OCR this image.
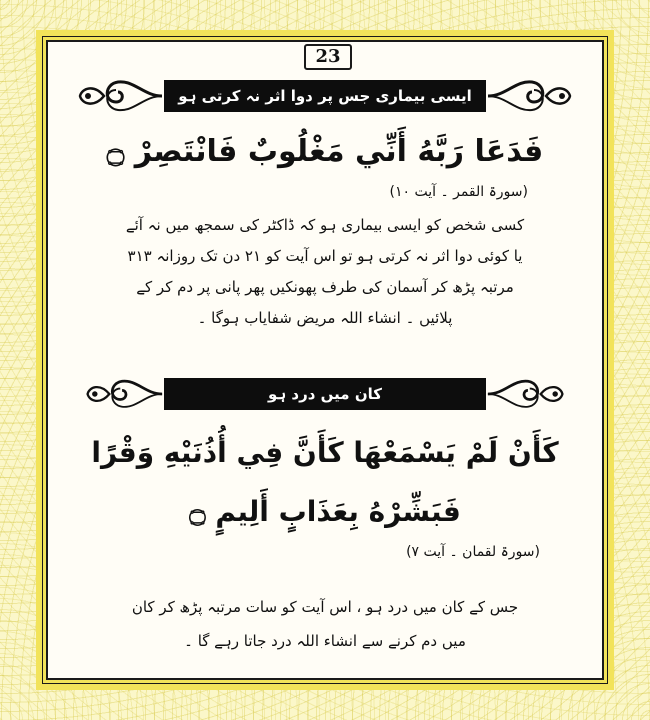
23
ایسی بیماری جس پر دوا اثر نہ کرتی ہو
فَدَعَا رَبَّهُ أَنِّي مَغْلُوبٌ فَانْتَصِرْ ۝
(سورۃ القمر ۔ آیت ۱۰)
کسی شخص کو ایسی بیماری ہو کہ ڈاکٹر کی سمجھ میں نہ آئے
یا کوئی دوا اثر نہ کرتی ہو تو اس آیت کو ۲۱ دن تک روزانہ ۳۱۳
مرتبہ پڑھ کر آسمان کی طرف پھونکیں پھر پانی پر دم کر کے
پلائیں ۔ انشاء اللہ مریض شفایاب ہوگا ۔
کان میں درد ہو
كَأَنْ لَمْ يَسْمَعْهَا كَأَنَّ فِي أُذُنَيْهِ وَقْرًا
فَبَشِّرْهُ بِعَذَابٍ أَلِيمٍ ۝
(سورۃ لقمان ۔ آیت ۷)
جس کے کان میں درد ہو ، اس آیت کو سات مرتبہ پڑھ کر کان
میں دم کرنے سے انشاء اللہ درد جاتا رہے گا ۔
